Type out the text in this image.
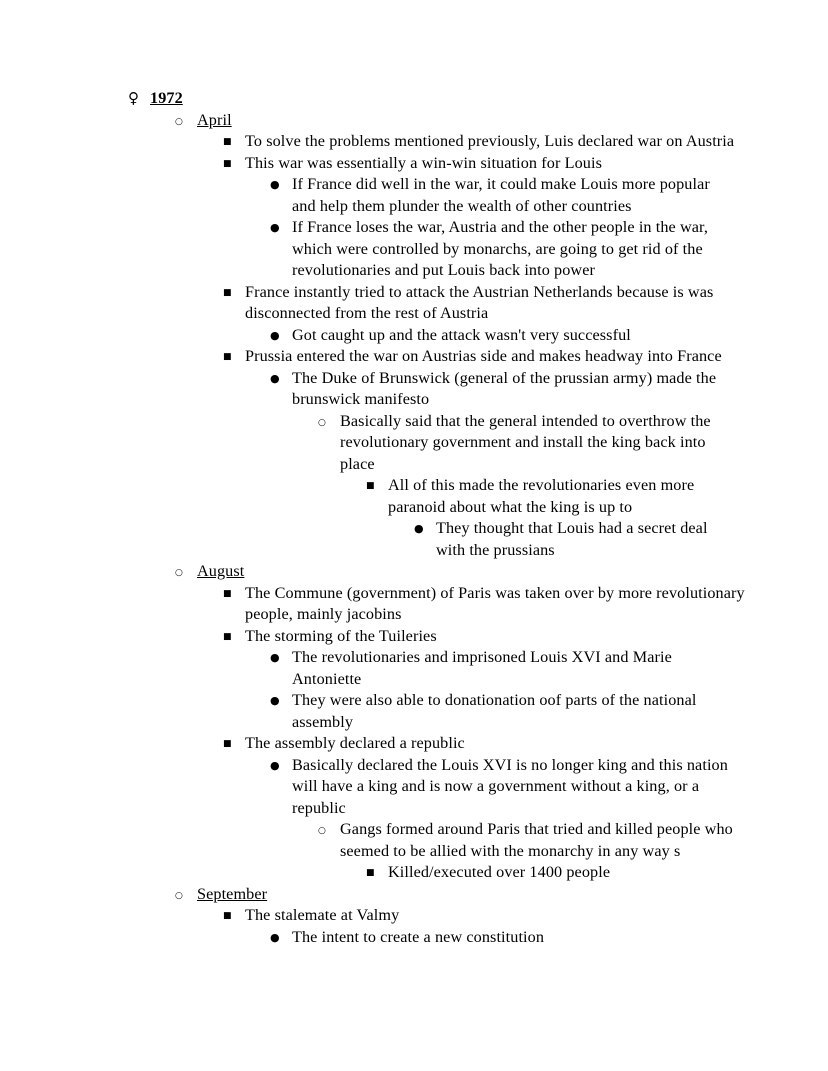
♀ 1972
○ April
■ To solve the problems mentioned previously, Luis declared war on Austria
■ This war was essentially a win-win situation for Louis
● If France did well in the war, it could make Louis more popular and help them plunder the wealth of other countries
● If France loses the war, Austria and the other people in the war, which were controlled by monarchs, are going to get rid of the revolutionaries and put Louis back into power
■ France instantly tried to attack the Austrian Netherlands because is was disconnected from the rest of Austria
● Got caught up and the attack wasn't very successful
■ Prussia entered the war on Austrias side and makes headway into France
● The Duke of Brunswick (general of the prussian army) made the brunswick manifesto
○ Basically said that the general intended to overthrow the revolutionary government and install the king back into place
■ All of this made the revolutionaries even more paranoid about what the king is up to
● They thought that Louis had a secret deal with the prussians
○ August
■ The Commune (government) of Paris was taken over by more revolutionary people, mainly jacobins
■ The storming of the Tuileries
● The revolutionaries and imprisoned Louis XVI and Marie Antoniette
● They were also able to donationation oof parts of the national assembly
■ The assembly declared a republic
● Basically declared the Louis XVI is no longer king and this nation will have a king and is now a government without a king, or a republic
○ Gangs formed around Paris that tried and killed people who seemed to be allied with the monarchy in any way s
■ Killed/executed over 1400 people
○ September
■ The stalemate at Valmy
● The intent to create a new constitution
